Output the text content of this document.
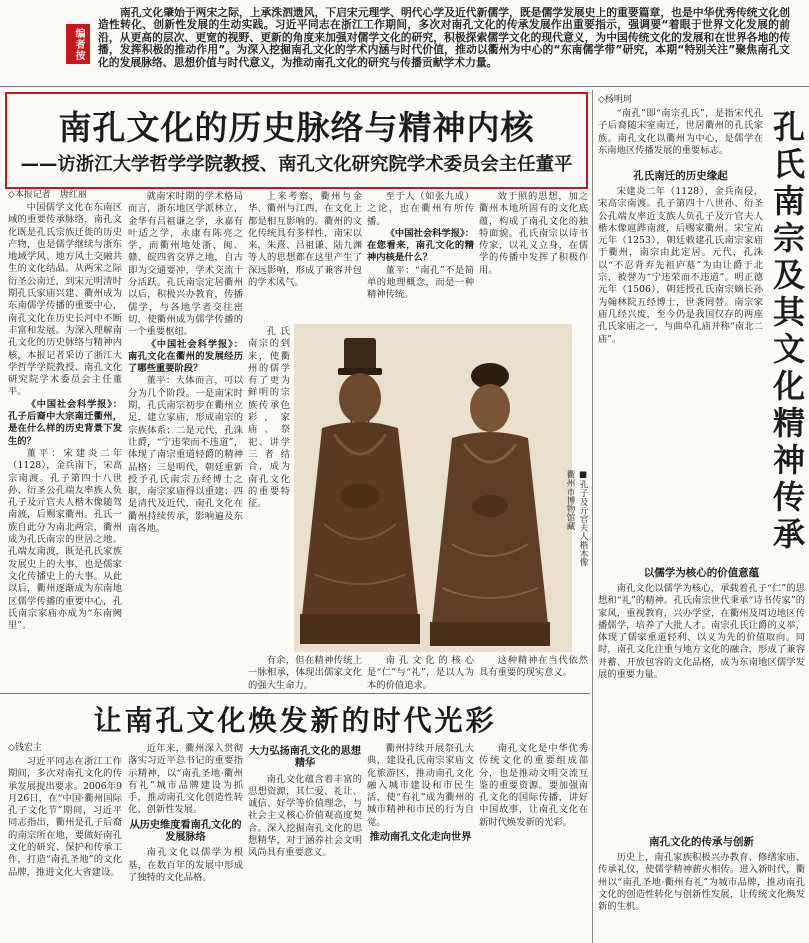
编者按
南孔文化肇始于两宋之际，上承洙泗遗风，下启宋元理学、明代心学及近代新儒学，既是儒学发展史上的重要篇章，也是中华优秀传统文化创造性转化、创新性发展的生动实践。习近平同志在浙江工作期间，多次对南孔文化的传承发展作出重要指示，强调要“着眼于世界文化发展的前沿，从更高的层次、更宽的视野、更新的角度来加强对儒学文化的研究，积极探索儒学文化的现代意义，为中国传统文化的发展和在世界各地的传播，发挥积极的推动作用”。为深入挖掘南孔文化的学术内涵与时代价值，推动以衢州为中心的“东南儒学带”研究，本期“特别关注”聚焦南孔文化的发展脉络、思想价值与时代意义，为推动南孔文化的研究与传播贡献学术力量。
南孔文化的历史脉络与精神内核
——访浙江大学哲学学院教授、南孔文化研究院学术委员会主任董平
◇本报记者　唐红丽

中国儒学文化在东南区域的重要传承脉络，南孔文化既是孔氏宗族迁徙的历史产物，也是儒学继续与浙东地域学风、地方风土交融共生的文化结晶。从两宋之际衍圣公南迁，到宋元明清时期孔氏家庙兴建、衢州成为东南儒学传播的重要中心，南孔文化在历史长河中不断丰富和发展。为深入理解南孔文化的历史脉络与精神内核，本报记者采访了浙江大学哲学学院教授、南孔文化研究院学术委员会主任董平。

《中国社会科学报》：孔子后裔中大宗南迁衢州，是在什么样的历史背景下发生的？

董平：宋建炎二年（1128），金兵南下，宋高宗南渡。孔子第四十八世孙、衍圣公孔端友率族人负孔子及亓官夫人楷木像随驾南渡，后赐家衢州。孔氏一族自此分为南北两宗，衢州成为孔氏南宗的世居之地。孔端友南渡，既是孔氏家族发展史上的大事，也是儒家文化传播史上的大事。从此以后，衢州逐渐成为东南地区儒学传播的重要中心，孔氏南宗家庙亦成为“东南阙里”。

就南宋时期的学术格局而言，浙东地区学派林立，金华有吕祖谦之学，永嘉有叶适之学，永康有陈亮之学，而衢州地处浙、闽、赣、皖四省交界之地，自古即为交通要冲，学术交流十分活跃。孔氏南宗定居衢州以后，积极兴办教育，传播儒学，与各地学者交往密切，使衢州成为儒学传播的一个重要枢纽。

《中国社会科学报》：南孔文化在衢州的发展经历了哪些重要阶段？

董平：大体而言，可以分为几个阶段。一是南宋时期，孔氏南宗初步在衢州立足，建立家庙，形成南宗的宗族体系；二是元代，孔洙让爵，“宁违荣而不违道”，体现了南宗重道轻爵的精神品格；三是明代，朝廷重新授予孔氏南宗五经博士之职，南宗家庙得以重建；四是清代及近代，南孔文化在衢州持续传承，影响遍及东南各地。

上来考察，衢州与金华、衢州与江西，在文化上都是相互影响的。衢州的文化传统具有多样性，南宋以来，朱熹、吕祖谦、陆九渊等人的思想都在这里产生了深远影响，形成了兼容并包的学术风气。

至于人（如张九成）之论，也在衢州有所传播。

《中国社会科学报》：在您看来，南孔文化的精神内核是什么？

董平：“南孔”不是简单的地理概念，而是一种精神传统。

效于照的思想，加之衢州本地所固有的文化底蕴，构成了南孔文化的独特面貌。孔氏南宗以诗书传家，以礼义立身，在儒学的传播中发挥了积极作用。

孔氏南宗的到来，使衢州的儒学有了更为鲜明的宗族传承色彩，家庙、祭祀、讲学三者结合，成为南孔文化的重要特征。	■孔子及亓官夫人楷木像
衢州市博物馆藏

有余，但在精神传统上一脉相承，体现出儒家文化的强大生命力。

南孔文化的核心是“仁”与“礼”，是以人为本的价值追求。

这种精神在当代依然具有重要的现实意义。

让南孔文化焕发新的时代光彩
◇钱宏主

习近平同志在浙江工作期间，多次对南孔文化的传承发展提出要求。2006年9月26日，在“中国·衢州国际孔子文化节”期间，习近平同志指出，衢州是孔子后裔的南宗所在地，要做好南孔文化的研究、保护和传承工作，打造“南孔圣地”的文化品牌，推进文化大省建设。

近年来，衢州深入贯彻落实习近平总书记的重要指示精神，以“南孔圣地·衢州有礼”城市品牌建设为抓手，推动南孔文化创造性转化、创新性发展。

从历史维度看南孔文化的发展脉络

南孔文化以儒学为根基，在数百年的发展中形成了独特的文化品格。

大力弘扬南孔文化的思想精华

南孔文化蕴含着丰富的思想资源，其仁爱、礼让、诚信、好学等价值理念，与社会主义核心价值观高度契合。深入挖掘南孔文化的思想精华，对于涵养社会文明风尚具有重要意义。

衢州持续开展祭孔大典，建设孔氏南宗家庙文化旅游区，推动南孔文化融入城市建设和市民生活，使“有礼”成为衢州的城市精神和市民的行为自觉。

推动南孔文化走向世界

南孔文化是中华优秀传统文化的重要组成部分，也是推动文明交流互鉴的重要资源。要加强南孔文化的国际传播，讲好中国故事，让南孔文化在新时代焕发新的光彩。

◇杨明珂
孔氏南宗及其文化精神传承

“南孔”即“南宗孔氏”，是指宋代孔子后裔随宋室南迁，世居衢州的孔氏家族。南孔文化以衢州为中心，是儒学在东南地区传播发展的重要标志。

孔氏南迁的历史缘起

宋建炎二年（1128），金兵南侵，宋高宗南渡。孔子第四十八世孙、衍圣公孔端友率近支族人负孔子及亓官夫人楷木像扈跸南渡，后赐家衢州。宋宝祐元年（1253），朝廷敕建孔氏南宗家庙于衢州，南宗由此定居。元代，孔洙以“不忍背弃先祖庐墓”为由让爵于北宗，被誉为“宁违荣而不违道”。明正德元年（1506），朝廷授孔氏南宗嫡长孙为翰林院五经博士，世袭罔替。南宗家庙几经兴废，至今仍是我国仅存的两座孔氏家庙之一，与曲阜孔庙并称“南北二庙”。

以儒学为核心的价值意蕴

南孔文化以儒学为核心，承载着孔子“仁”的思想和“礼”的精神。孔氏南宗世代秉承“诗书传家”的家风，重视教育，兴办学堂，在衢州及周边地区传播儒学，培养了大批人才。南宗孔氏让爵的义举，体现了儒家重道轻利、以义为先的价值取向。同时，南孔文化注重与地方文化的融合，形成了兼容并蓄、开放包容的文化品格，成为东南地区儒学发展的重要力量。

南孔文化的传承与创新

历史上，南孔家族积极兴办教育、修缮家庙、传承礼仪，使儒学精神薪火相传。进入新时代，衢州以“南孔圣地·衢州有礼”为城市品牌，推动南孔文化的创造性转化与创新性发展，让传统文化焕发新的生机。
